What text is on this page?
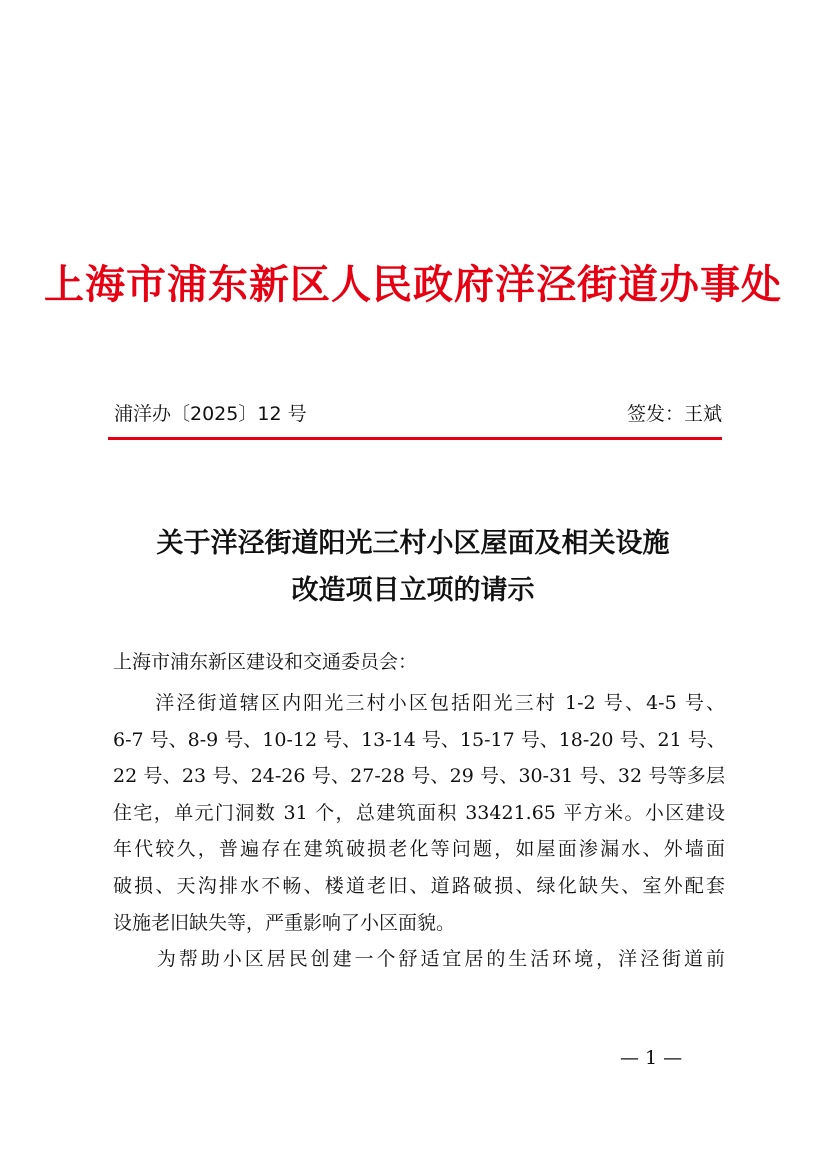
上海市浦东新区人民政府洋泾街道办事处
浦洋办〔2025〕12 号	签发：王斌
关于洋泾街道阳光三村小区屋面及相关设施
改造项目立项的请示
上海市浦东新区建设和交通委员会：
　　洋泾街道辖区内阳光三村小区包括阳光三村 1-2 号、4-5 号、
6-7 号、8-9 号、10-12 号、13-14 号、15-17 号、18-20 号、21 号、
22 号、23 号、24-26 号、27-28 号、29 号、30-31 号、32 号等多层
住宅，单元门洞数 31 个，总建筑面积 33421.65 平方米。小区建设
年代较久，普遍存在建筑破损老化等问题，如屋面渗漏水、外墙面
破损、天沟排水不畅、楼道老旧、道路破损、绿化缺失、室外配套
设施老旧缺失等，严重影响了小区面貌。
　　为帮助小区居民创建一个舒适宜居的生活环境，洋泾街道前
— 1 —
